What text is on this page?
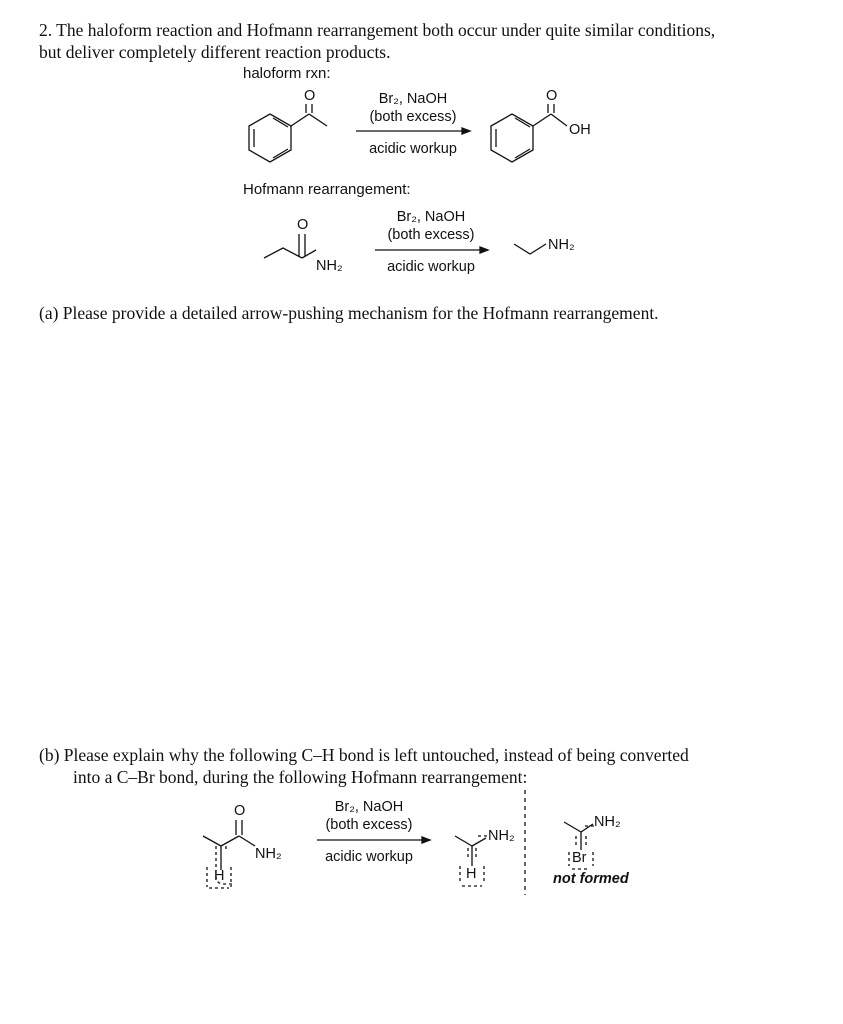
2. The haloform reaction and Hofmann rearrangement both occur under quite similar conditions,
but deliver completely different reaction products.
haloform rxn:
O	Br₂, NaOH
(both excess)
acidic workup
O
OH
Hofmann rearrangement:
O
NH₂
Br₂, NaOH
(both excess)
acidic workup
NH₂
(a) Please provide a detailed arrow-pushing mechanism for the Hofmann rearrangement.
(b) Please explain why the following C–H bond is left untouched, instead of being converted
into a C–Br bond, during the following Hofmann rearrangement:
O
NH₂
H
Br₂, NaOH
(both excess)
acidic workup
NH₂
H
NH₂
Br
not formed
